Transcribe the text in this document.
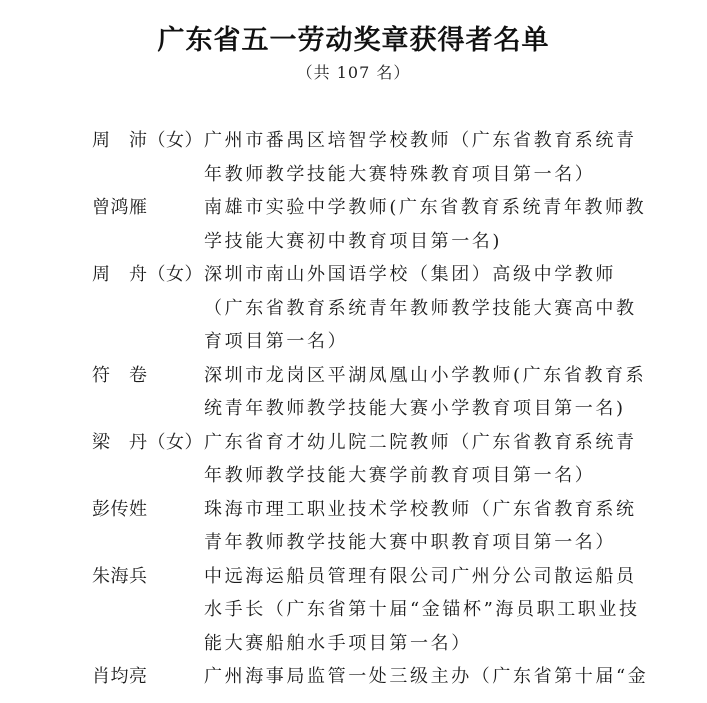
广东省五一劳动奖章获得者名单
（共 107 名）
周　沛（女） 广州市番禺区培智学校教师（广东省教育系统青年教师教学技能大赛特殊教育项目第一名）
曾鸿雁	南雄市实验中学教师(广东省教育系统青年教师教学技能大赛初中教育项目第一名)
周　舟（女） 深圳市南山外国语学校（集团）高级中学教师（广东省教育系统青年教师教学技能大赛高中教育项目第一名）
符　卷	深圳市龙岗区平湖凤凰山小学教师(广东省教育系统青年教师教学技能大赛小学教育项目第一名)
梁　丹（女） 广东省育才幼儿院二院教师（广东省教育系统青年教师教学技能大赛学前教育项目第一名）
彭传姓	珠海市理工职业技术学校教师（广东省教育系统青年教师教学技能大赛中职教育项目第一名）
朱海兵	中远海运船员管理有限公司广州分公司散运船员水手长（广东省第十届“金锚杯”海员职工职业技能大赛船舶水手项目第一名）
肖均亮	广州海事局监管一处三级主办（广东省第十届“金
